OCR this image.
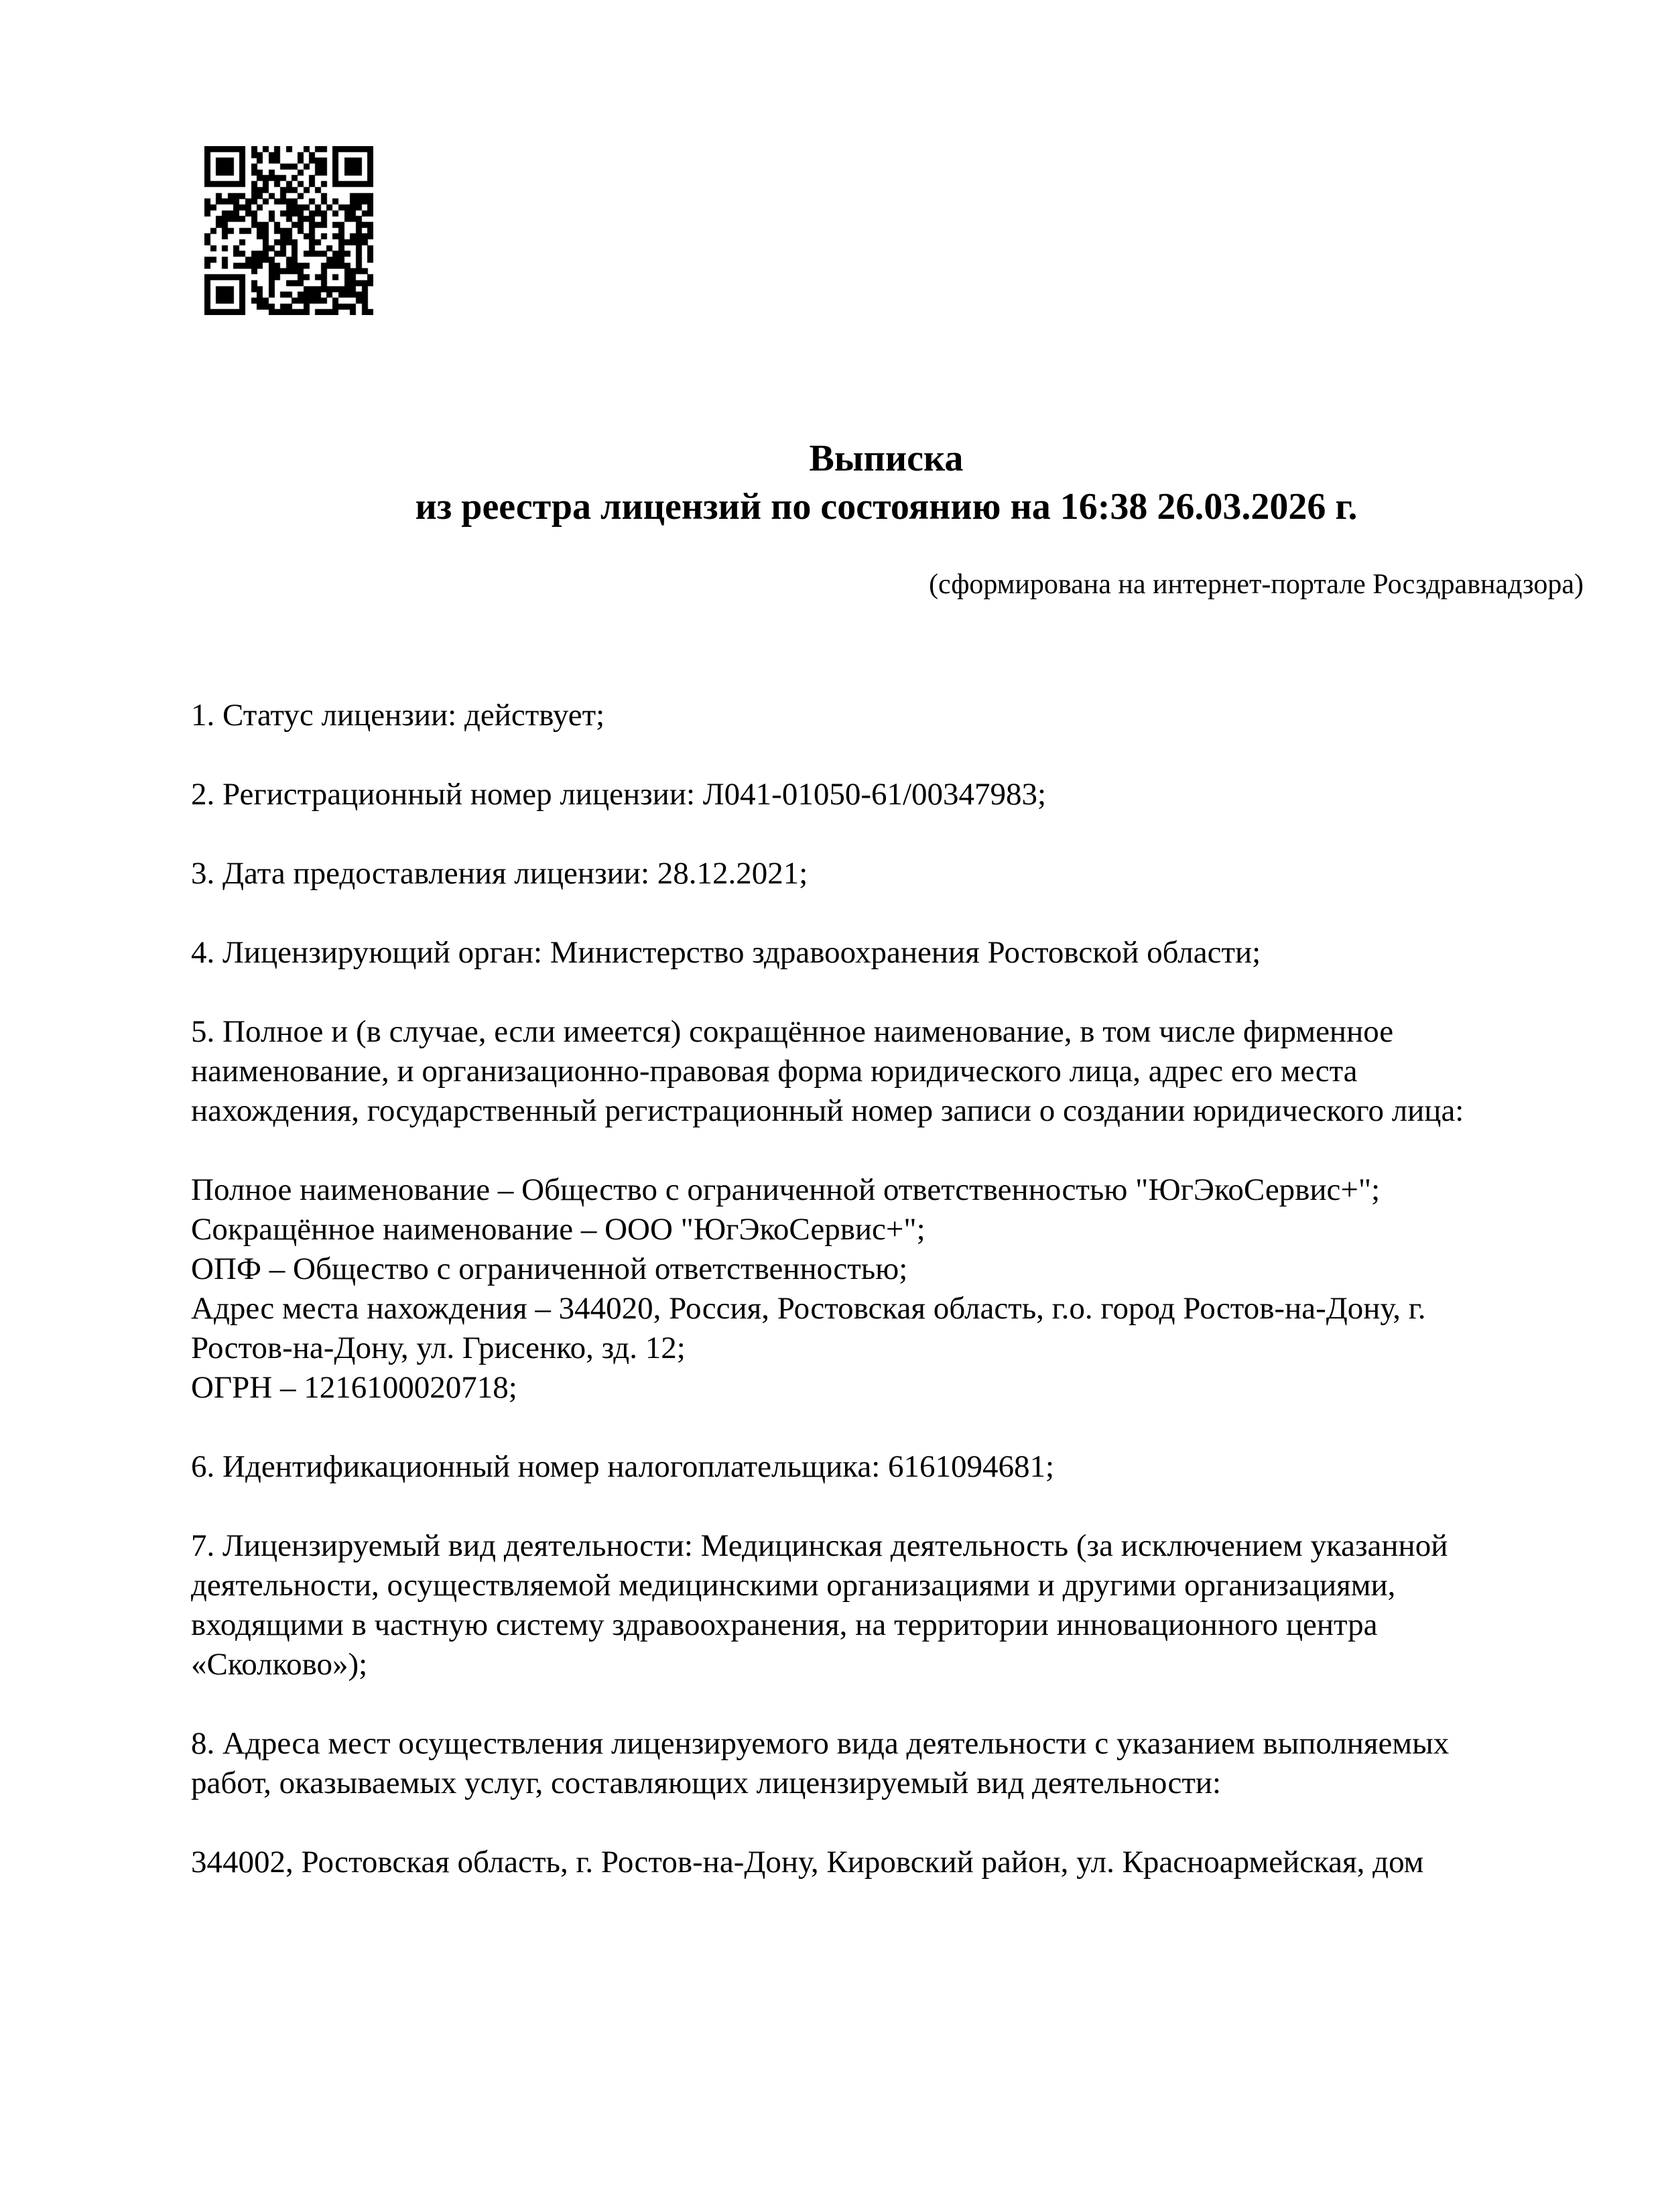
Выписка
из реестра лицензий по состоянию на 16:38 26.03.2026 г.
(сформирована на интернет-портале Росздравнадзора)

1. Статус лицензии: действует;

2. Регистрационный номер лицензии: Л041-01050-61/00347983;

3. Дата предоставления лицензии: 28.12.2021;

4. Лицензирующий орган: Министерство здравоохранения Ростовской области;

5. Полное и (в случае, если имеется) сокращённое наименование, в том числе фирменное наименование, и организационно-правовая форма юридического лица, адрес его места нахождения, государственный регистрационный номер записи о создании юридического лица:

Полное наименование – Общество с ограниченной ответственностью "ЮгЭкоСервис+";

Сокращённое наименование – ООО "ЮгЭкоСервис+";

ОПФ – Общество с ограниченной ответственностью;

Адрес места нахождения – 344020, Россия, Ростовская область, г.о. город Ростов-на-Дону, г. Ростов-на-Дону, ул. Грисенко, зд. 12;

ОГРН – 1216100020718;

6. Идентификационный номер налогоплательщика: 6161094681;

7. Лицензируемый вид деятельности: Медицинская деятельность (за исключением указанной деятельности, осуществляемой медицинскими организациями и другими организациями, входящими в частную систему здравоохранения, на территории инновационного центра «Сколково»);

8. Адреса мест осуществления лицензируемого вида деятельности с указанием выполняемых работ, оказываемых услуг, составляющих лицензируемый вид деятельности:

344002, Ростовская область, г. Ростов-на-Дону, Кировский район, ул. Красноармейская, дом
